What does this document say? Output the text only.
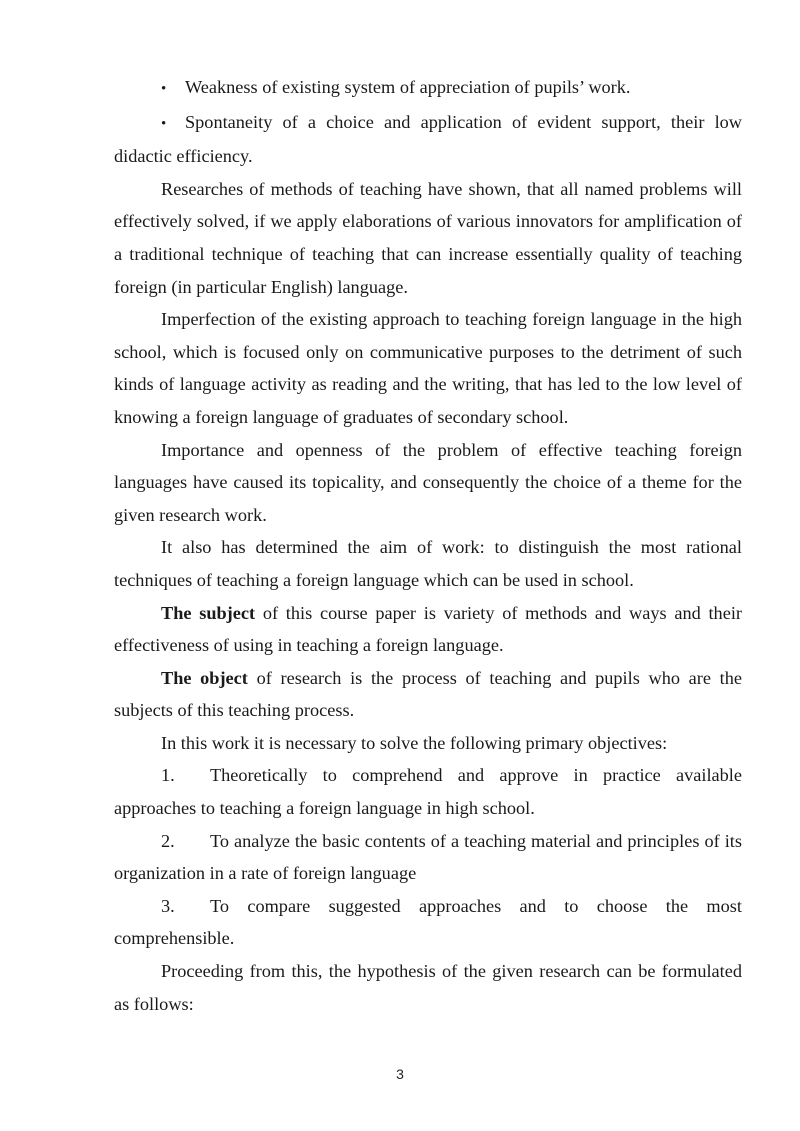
• Weakness of existing system of appreciation of pupils’ work.

• Spontaneity of a choice and application of evident support, their low didactic efficiency.

Researches of methods of teaching have shown, that all named problems will effectively solved, if we apply elaborations of various innovators for amplification of a traditional technique of teaching that can increase essentially quality of teaching foreign (in particular English) language.

Imperfection of the existing approach to teaching foreign language in the high school, which is focused only on communicative purposes to the detriment of such kinds of language activity as reading and the writing, that has led to the low level of knowing a foreign language of graduates of secondary school.

Importance and openness of the problem of effective teaching foreign languages have caused its topicality, and consequently the choice of a theme for the given research work.

It also has determined the aim of work: to distinguish the most rational techniques of teaching a foreign language which can be used in school.

The subject of this course paper is variety of methods and ways and their effectiveness of using in teaching a foreign language.

The object of research is the process of teaching and pupils who are the subjects of this teaching process.

In this work it is necessary to solve the following primary objectives:

1. Theoretically to comprehend and approve in practice available approaches to teaching a foreign language in high school.

2. To analyze the basic contents of a teaching material and principles of its organization in a rate of foreign language

3. To compare suggested approaches and to choose the most comprehensible.

Proceeding from this, the hypothesis of the given research can be formulated as follows:

3
